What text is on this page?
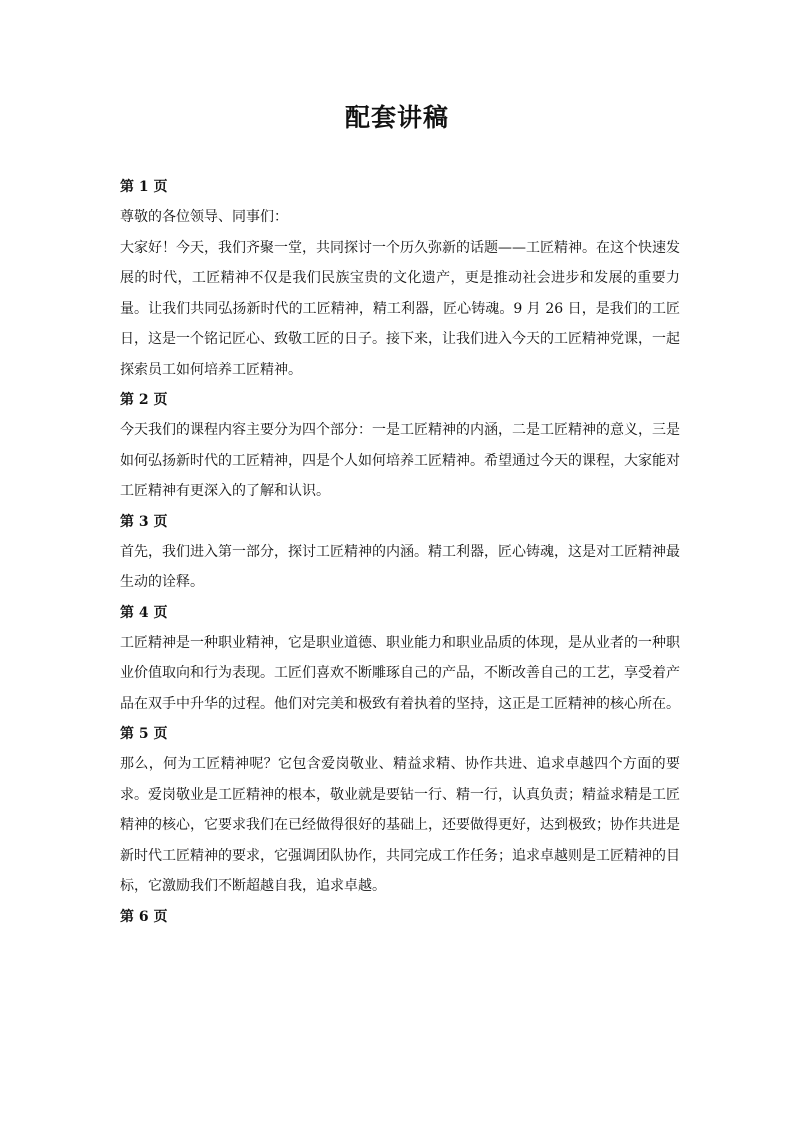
配套讲稿

第 1 页

尊敬的各位领导、同事们：

大家好！今天，我们齐聚一堂，共同探讨一个历久弥新的话题——工匠精神。在这个快速发展的时代，工匠精神不仅是我们民族宝贵的文化遗产，更是推动社会进步和发展的重要力量。让我们共同弘扬新时代的工匠精神，精工利器，匠心铸魂。9 月 26 日，是我们的工匠日，这是一个铭记匠心、致敬工匠的日子。接下来，让我们进入今天的工匠精神党课，一起探索员工如何培养工匠精神。

第 2 页

今天我们的课程内容主要分为四个部分：一是工匠精神的内涵，二是工匠精神的意义，三是如何弘扬新时代的工匠精神，四是个人如何培养工匠精神。希望通过今天的课程，大家能对工匠精神有更深入的了解和认识。

第 3 页

首先，我们进入第一部分，探讨工匠精神的内涵。精工利器，匠心铸魂，这是对工匠精神最生动的诠释。

第 4 页

工匠精神是一种职业精神，它是职业道德、职业能力和职业品质的体现，是从业者的一种职业价值取向和行为表现。工匠们喜欢不断雕琢自己的产品，不断改善自己的工艺，享受着产品在双手中升华的过程。他们对完美和极致有着执着的坚持，这正是工匠精神的核心所在。

第 5 页

那么，何为工匠精神呢？它包含爱岗敬业、精益求精、协作共进、追求卓越四个方面的要求。爱岗敬业是工匠精神的根本，敬业就是要钻一行、精一行，认真负责；精益求精是工匠精神的核心，它要求我们在已经做得很好的基础上，还要做得更好，达到极致；协作共进是新时代工匠精神的要求，它强调团队协作，共同完成工作任务；追求卓越则是工匠精神的目标，它激励我们不断超越自我，追求卓越。

第 6 页
